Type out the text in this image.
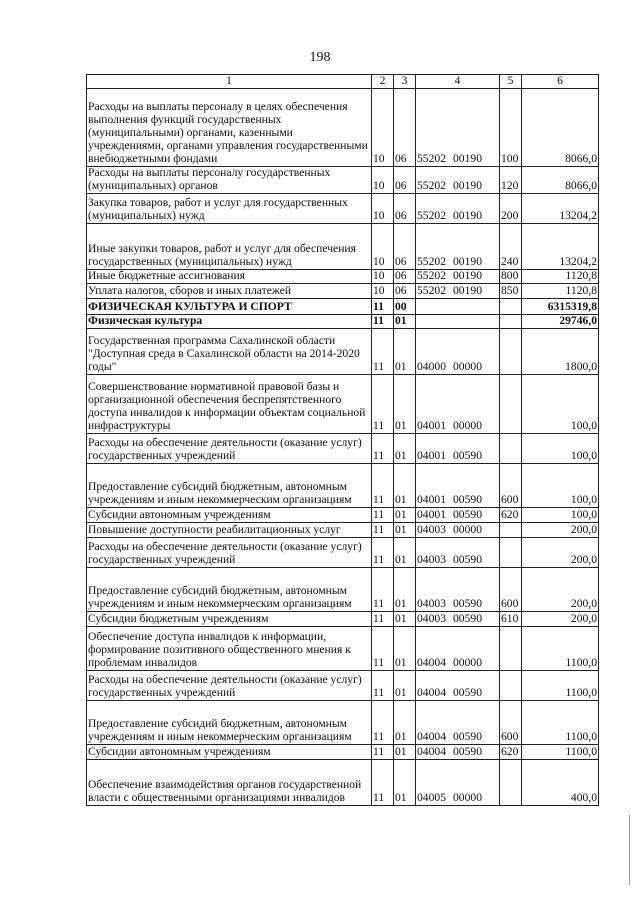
198
1	2	3	4	5	6
Расходы на выплаты персоналу в целях обеспечения выполнения функций государственных (муниципальными) органами, казенными учреждениями, органами управления государственными внебюджетными фондами	10	06	55202 00190	100	8066,0
Расходы на выплаты персоналу государственных (муниципальных) органов	10	06	55202 00190	120	8066,0
Закупка товаров, работ и услуг для государственных (муниципальных) нужд	10	06	55202 00190	200	13204,2
Иные закупки товаров, работ и услуг для обеспечения государственных (муниципальных) нужд	10	06	55202 00190	240	13204,2
Иные бюджетные ассигнования	10	06	55202 00190	800	1120,8
Уплата налогов, сборов и иных платежей	10	06	55202 00190	850	1120,8
ФИЗИЧЕСКАЯ КУЛЬТУРА И СПОРТ	11	00			6315319,8
Физическая культура	11	01			29746,0
Государственная программа Сахалинской области "Доступная среда в Сахалинской области на 2014-2020 годы"	11	01	04000 00000		1800,0
Совершенствование нормативной правовой базы и организационной обеспечения беспрепятственного доступа инвалидов к информации объектам социальной инфраструктуры	11	01	04001 00000		100,0
Расходы на обеспечение деятельности (оказание услуг) государственных учреждений	11	01	04001 00590		100,0
Предоставление субсидий бюджетным, автономным учреждениям и иным некоммерческим организациям	11	01	04001 00590	600	100,0
Субсидии автономным учреждениям	11	01	04001 00590	620	100,0
Повышение доступности реабилитационных услуг	11	01	04003 00000		200,0
Расходы на обеспечение деятельности (оказание услуг) государственных учреждений	11	01	04003 00590		200,0
Предоставление субсидий бюджетным, автономным учреждениям и иным некоммерческим организациям	11	01	04003 00590	600	200,0
Субсидии бюджетным учреждениям	11	01	04003 00590	610	200,0
Обеспечение доступа инвалидов к информации, формирование позитивного общественного мнения к проблемам инвалидов	11	01	04004 00000		1100,0
Расходы на обеспечение деятельности (оказание услуг) государственных учреждений	11	01	04004 00590		1100,0
Предоставление субсидий бюджетным, автономным учреждениям и иным некоммерческим организациям	11	01	04004 00590	600	1100,0
Субсидии автономным учреждениям	11	01	04004 00590	620	1100,0
Обеспечение взаимодействия органов государственной власти с общественными организациями инвалидов	11	01	04005 00000		400,0
